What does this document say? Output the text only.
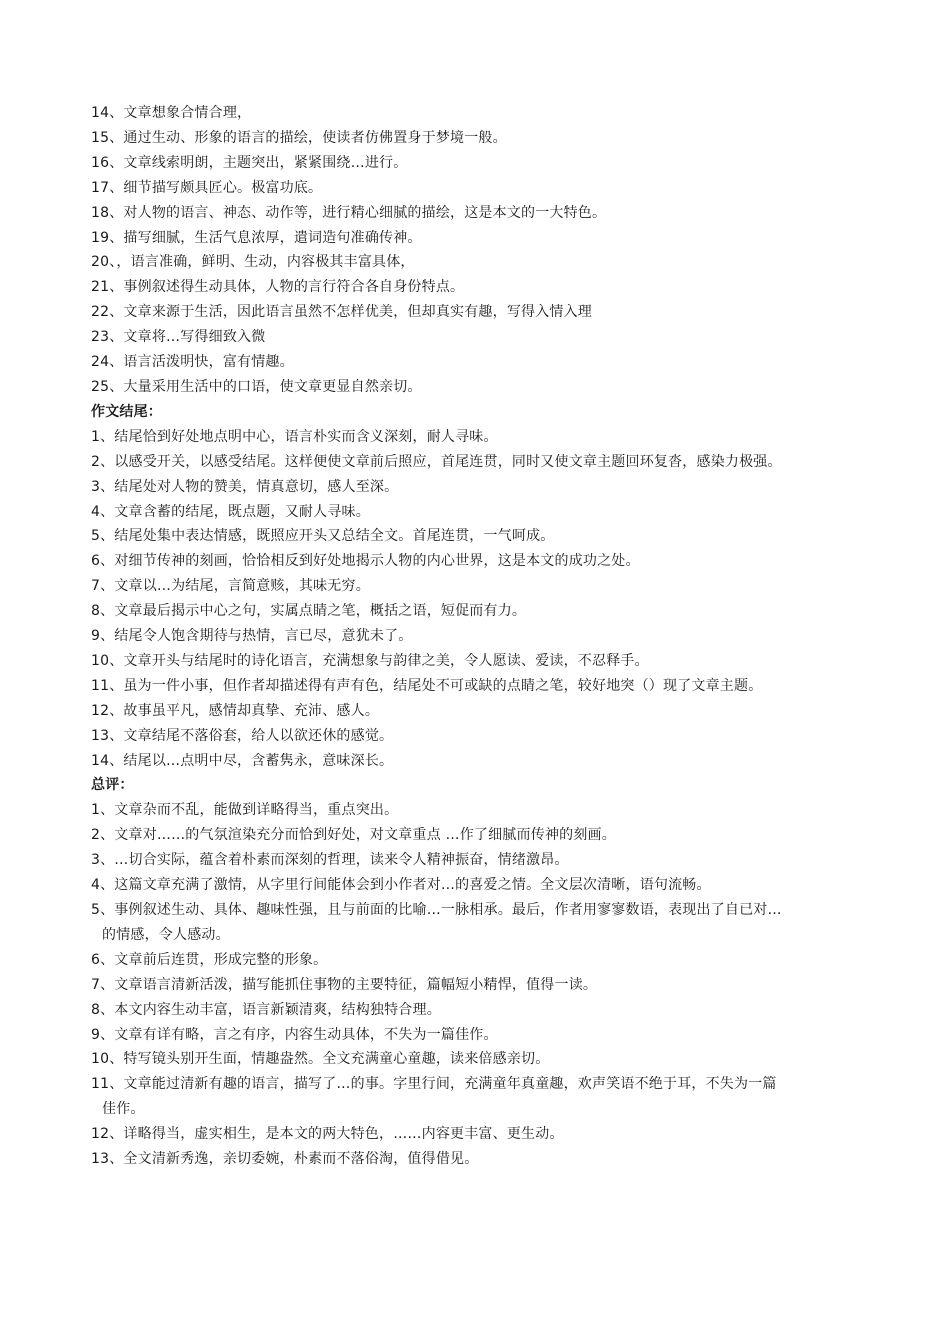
14、文章想象合情合理，
15、通过生动、形象的语言的描绘，使读者仿佛置身于梦境一般。
16、文章线索明朗，主题突出，紧紧围绕…进行。
17、细节描写颇具匠心。极富功底。
18、对人物的语言、神态、动作等，进行精心细腻的描绘，这是本文的一大特色。
19、描写细腻，生活气息浓厚，遣词造句准确传神。
20、，语言准确，鲜明、生动，内容极其丰富具体，
21、事例叙述得生动具体，人物的言行符合各自身份特点。
22、文章来源于生活，因此语言虽然不怎样优美，但却真实有趣，写得入情入理
23、文章将…写得细致入微
24、语言活泼明快，富有情趣。
25、大量采用生活中的口语，使文章更显自然亲切。
作文结尾：
1、结尾恰到好处地点明中心，语言朴实而含义深刻，耐人寻味。
2、以感受开关，以感受结尾。这样便使文章前后照应，首尾连贯，同时又使文章主题回环复沓，感染力极强。
3、结尾处对人物的赞美，情真意切，感人至深。
4、文章含蓄的结尾，既点题，又耐人寻味。
5、结尾处集中表达情感，既照应开头又总结全文。首尾连贯，一气呵成。
6、对细节传神的刻画，恰恰相反到好处地揭示人物的内心世界，这是本文的成功之处。
7、文章以…为结尾，言简意赅，其味无穷。
8、文章最后揭示中心之句，实属点睛之笔，概括之语，短促而有力。
9、结尾令人饱含期待与热情，言已尽，意犹未了。
10、文章开头与结尾时的诗化语言，充满想象与韵律之美，令人愿读、爱读，不忍释手。
11、虽为一件小事，但作者却描述得有声有色，结尾处不可或缺的点睛之笔，较好地突（）现了文章主题。
12、故事虽平凡，感情却真挚、充沛、感人。
13、文章结尾不落俗套，给人以欲还休的感觉。
14、结尾以…点明中尽，含蓄隽永，意味深长。
总评：
1、文章杂而不乱，能做到详略得当，重点突出。
2、文章对……的气氛渲染充分而恰到好处，对文章重点 …作了细腻而传神的刻画。
3、…切合实际，蕴含着朴素而深刻的哲理，读来令人精神振奋，情绪激昂。
4、这篇文章充满了激情，从字里行间能体会到小作者对…的喜爱之情。全文层次清晰，语句流畅。
5、事例叙述生动、具体、趣味性强，且与前面的比喻…一脉相承。最后，作者用寥寥数语，表现出了自已对…
的情感，令人感动。
6、文章前后连贯，形成完整的形象。
7、文章语言清新活泼，描写能抓住事物的主要特征，篇幅短小精悍，值得一读。
8、本文内容生动丰富，语言新颖清爽，结构独特合理。
9、文章有详有略，言之有序，内容生动具体，不失为一篇佳作。
10、特写镜头别开生面，情趣盎然。全文充满童心童趣，读来倍感亲切。
11、文章能过清新有趣的语言，描写了…的事。字里行间，充满童年真童趣，欢声笑语不绝于耳，不失为一篇
佳作。
12、详略得当，虚实相生，是本文的两大特色，……内容更丰富、更生动。
13、全文清新秀逸，亲切委婉，朴素而不落俗淘，值得借见。
